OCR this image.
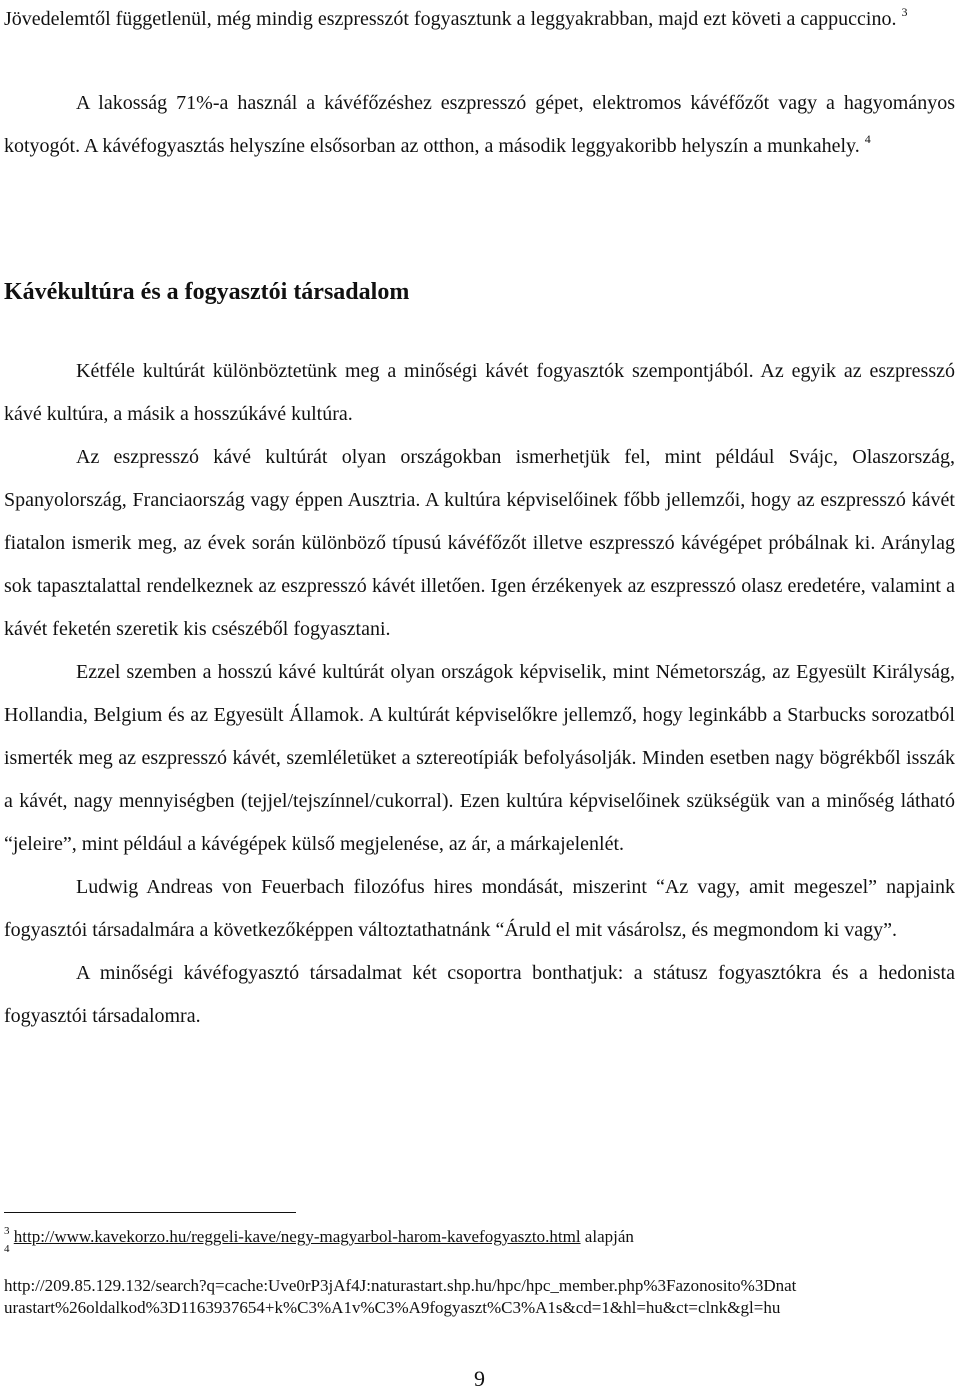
Jövedelemtől függetlenül, még mindig eszpresszót fogyasztunk a leggyakrabban, majd ezt követi a cappuccino. $^3$

A lakosság 71%-a használ a kávéfőzéshez eszpresszó gépet, elektromos kávéfőzőt vagy a hagyományos kotyogót. A kávéfogyasztás helyszíne elsősorban az otthon, a második leggyakoribb helyszín a munkahely. $^4$

Kávékultúra és a fogyasztói társadalom

Kétféle kultúrát különböztetünk meg a minőségi kávét fogyasztók szempontjából. Az egyik az eszpresszó kávé kultúra, a másik a hosszúkávé kultúra.

Az eszpresszó kávé kultúrát olyan országokban ismerhetjük fel, mint például Svájc, Olaszország, Spanyolország, Franciaország vagy éppen Ausztria. A kultúra képviselőinek főbb jellemzői, hogy az eszpresszó kávét fiatalon ismerik meg, az évek során különböző típusú kávéfőzőt illetve eszpresszó kávégépet próbálnak ki. Aránylag sok tapasztalattal rendelkeznek az eszpresszó kávét illetően. Igen érzékenyek az eszpresszó olasz eredetére, valamint a kávét feketén szeretik kis csészéből fogyasztani.

Ezzel szemben a hosszú kávé kultúrát olyan országok képviselik, mint Németország, az Egyesült Királyság, Hollandia, Belgium és az Egyesült Államok. A kultúrát képviselőkre jellemző, hogy leginkább a Starbucks sorozatból ismerték meg az eszpresszó kávét, szemléletüket a sztereotípiák befolyásolják. Minden esetben nagy bögrékből isszák a kávét, nagy mennyiségben (tejjel/tejszínnel/cukorral). Ezen kultúra képviselőinek szükségük van a minőség látható “jeleire”, mint például a kávégépek külső megjelenése, az ár, a márkajelenlét.

Ludwig Andreas von Feuerbach filozófus hires mondását, miszerint “Az vagy, amit megeszel” napjaink fogyasztói társadalmára a következőképpen változtathatnánk “Áruld el mit vásárolsz, és megmondom ki vagy”.

A minőségi kávéfogyasztó társadalmat két csoportra bonthatjuk: a státusz fogyasztókra és a hedonista fogyasztói társadalomra.

$^3$ http://www.kavekorzo.hu/reggeli-kave/negy-magyarbol-harom-kavefogyaszto.html alapján

$^4$

http://209.85.129.132/search?q=cache:Uve0rP3jAf4J:naturastart.shp.hu/hpc/hpc_member.php%3Fazonosito%3Dnat

urastart%26oldalkod%3D1163937654+k%C3%A1v%C3%A9fogyaszt%C3%A1s&cd=1&hl=hu&ct=clnk&gl=hu

9
